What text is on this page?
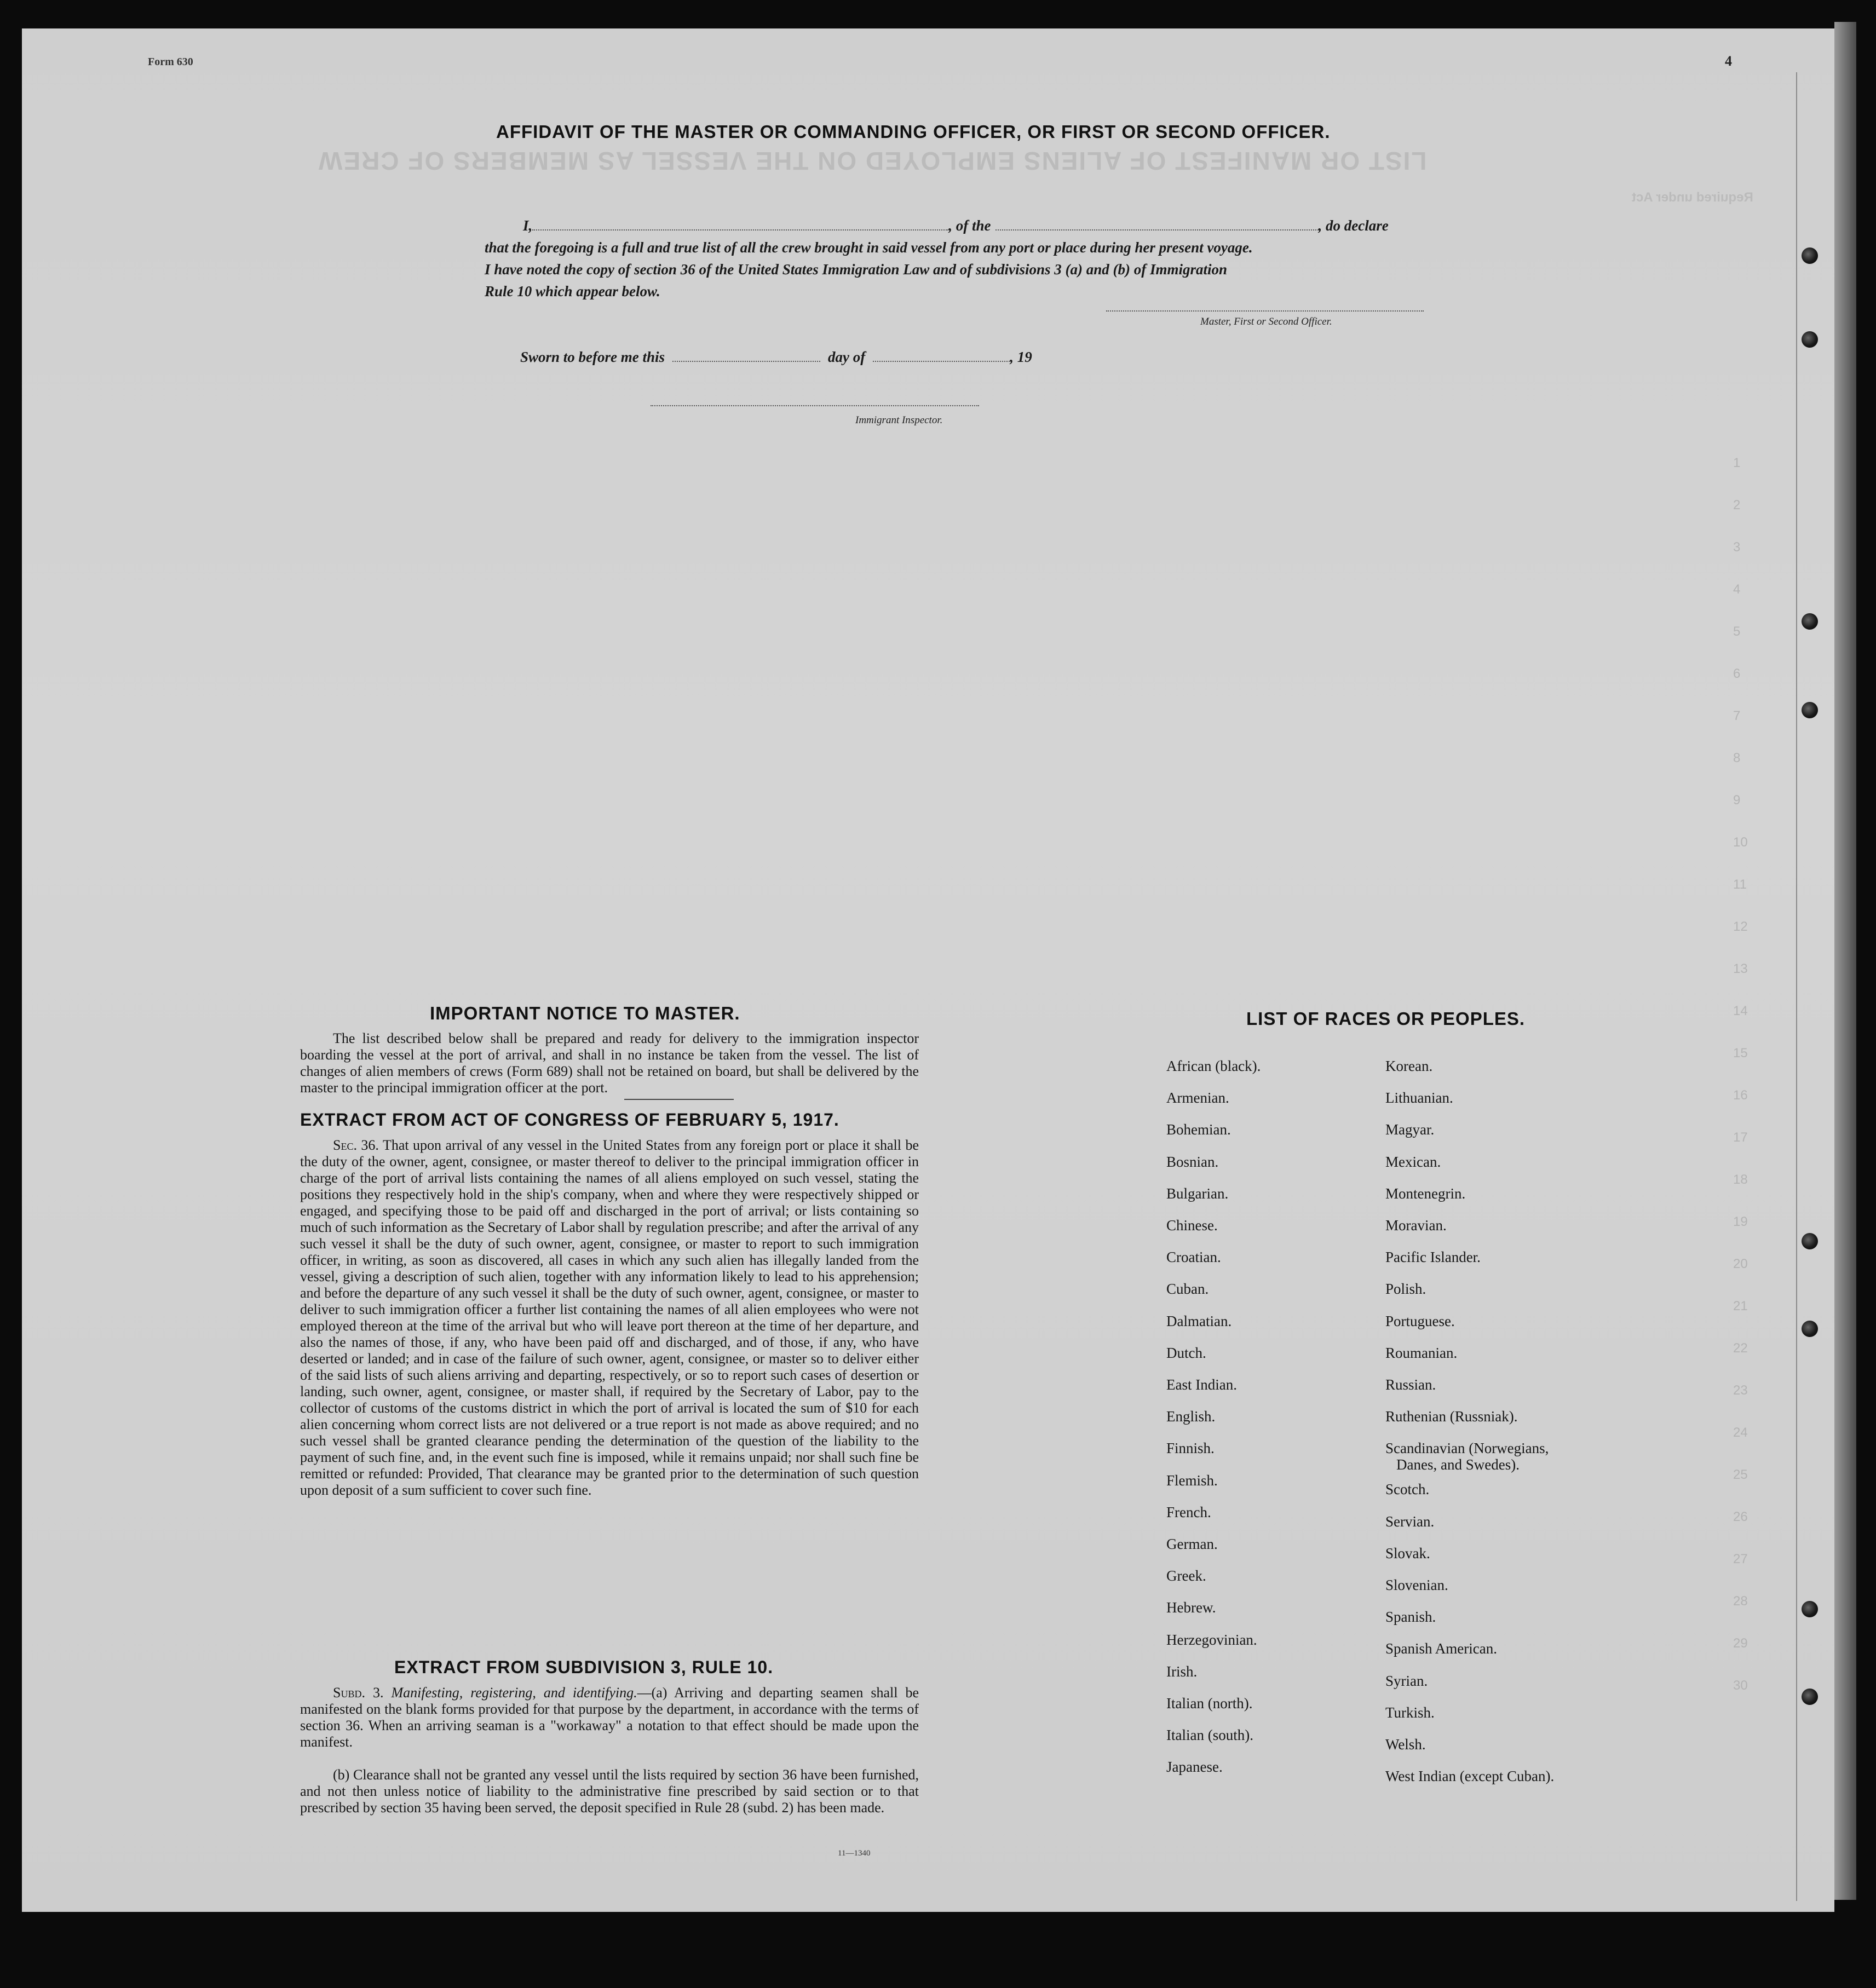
Form 630	4
LIST OR MANIFEST OF ALIENS EMPLOYED ON THE VESSEL AS MEMBERS OF CREW
Required under Act
AFFIDAVIT OF THE MASTER OR COMMANDING OFFICER, OR FIRST OR SECOND OFFICER.
I,	, of the	, do declare
that the foregoing is a full and true list of all the crew brought in said vessel from any port or place during her present voyage.
I have noted the copy of section 36 of the United States Immigration Law and of subdivisions 3 (a) and (b) of Immigration
Rule 10 which appear below.
Master, First or Second Officer.
Sworn to before me this	day of	, 19
Immigrant Inspector.
IMPORTANT NOTICE TO MASTER.
The list described below shall be prepared and ready for delivery to the immigration inspector boarding the vessel at the port of arrival, and shall in no instance be taken from the vessel. The list of changes of alien members of crews (Form 689) shall not be retained on board, but shall be delivered by the master to the principal immigration officer at the port.
EXTRACT FROM ACT OF CONGRESS OF FEBRUARY 5, 1917.
Sec. 36. That upon arrival of any vessel in the United States from any foreign port or place it shall be the duty of the owner, agent, consignee, or master thereof to deliver to the principal immigration officer in charge of the port of arrival lists containing the names of all aliens employed on such vessel, stating the positions they respectively hold in the ship's company, when and where they were respectively shipped or engaged, and specifying those to be paid off and discharged in the port of arrival; or lists containing so much of such information as the Secretary of Labor shall by regulation prescribe; and after the arrival of any such vessel it shall be the duty of such owner, agent, consignee, or master to report to such immigration officer, in writing, as soon as discovered, all cases in which any such alien has illegally landed from the vessel, giving a description of such alien, together with any information likely to lead to his apprehension; and before the departure of any such vessel it shall be the duty of such owner, agent, consignee, or master to deliver to such immigration officer a further list containing the names of all alien employees who were not employed thereon at the time of the arrival but who will leave port thereon at the time of her departure, and also the names of those, if any, who have been paid off and discharged, and of those, if any, who have deserted or landed; and in case of the failure of such owner, agent, consignee, or master so to deliver either of the said lists of such aliens arriving and departing, respectively, or so to report such cases of desertion or landing, such owner, agent, consignee, or master shall, if required by the Secretary of Labor, pay to the collector of customs of the customs district in which the port of arrival is located the sum of $10 for each alien concerning whom correct lists are not delivered or a true report is not made as above required; and no such vessel shall be granted clearance pending the determination of the question of the liability to the payment of such fine, and, in the event such fine is imposed, while it remains unpaid; nor shall such fine be remitted or refunded: Provided, That clearance may be granted prior to the determination of such question upon deposit of a sum sufficient to cover such fine.
EXTRACT FROM SUBDIVISION 3, RULE 10.
Subd. 3. Manifesting, registering, and identifying.—(a) Arriving and departing seamen shall be manifested on the blank forms provided for that purpose by the department, in accordance with the terms of section 36. When an arriving seaman is a "workaway" a notation to that effect should be made upon the manifest.
(b) Clearance shall not be granted any vessel until the lists required by section 36 have been furnished, and not then unless notice of liability to the administrative fine prescribed by said section or to that prescribed by section 35 having been served, the deposit specified in Rule 28 (subd. 2) has been made.
11—1340
LIST OF RACES OR PEOPLES.
African (black).
Armenian.
Bohemian.
Bosnian.
Bulgarian.
Chinese.
Croatian.
Cuban.
Dalmatian.
Dutch.
East Indian.
English.
Finnish.
Flemish.
French.
German.
Greek.
Hebrew.
Herzegovinian.
Irish.
Italian (north).
Italian (south).
Japanese.
Korean.
Lithuanian.
Magyar.
Mexican.
Montenegrin.
Moravian.
Pacific Islander.
Polish.
Portuguese.
Roumanian.
Russian.
Ruthenian (Russniak).
Scandinavian (Norwegians,
Danes, and Swedes).
Scotch.
Servian.
Slovak.
Slovenian.
Spanish.
Spanish American.
Syrian.
Turkish.
Welsh.
West Indian (except Cuban).
1
2
3
4
5
6
7
8
9
10
11
12
13
14
15
16
17
18
19
20
21
22
23
24
25
26
27
28
29
30
